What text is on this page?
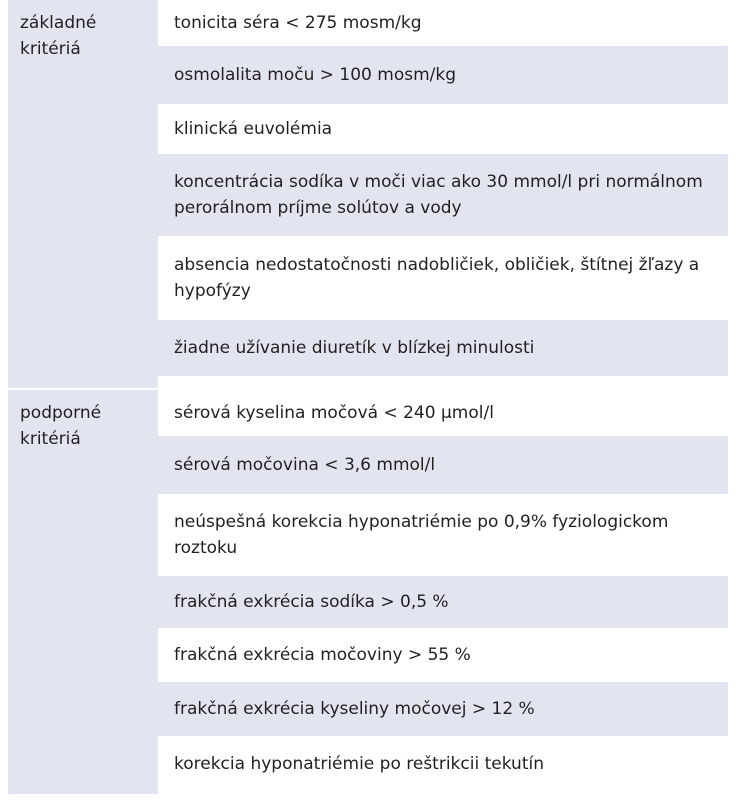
základné kritériá
tonicita séra < 275 mosm/kg
osmolalita moču > 100 mosm/kg
klinická euvolémia
koncentrácia sodíka v moči viac ako 30 mmol/l pri normálnom perorálnom príjme solútov a vody
absencia nedostatočnosti nadobličiek, obličiek, štítnej žľazy a hypofýzy
žiadne užívanie diuretík v blízkej minulosti
podporné kritériá
sérová kyselina močová < 240 μmol/l
sérová močovina < 3,6 mmol/l
neúspešná korekcia hyponatriémie po 0,9% fyziologickom roztoku
frakčná exkrécia sodíka > 0,5 %
frakčná exkrécia močoviny > 55 %
frakčná exkrécia kyseliny močovej > 12 %
korekcia hyponatriémie po reštrikcii tekutín
